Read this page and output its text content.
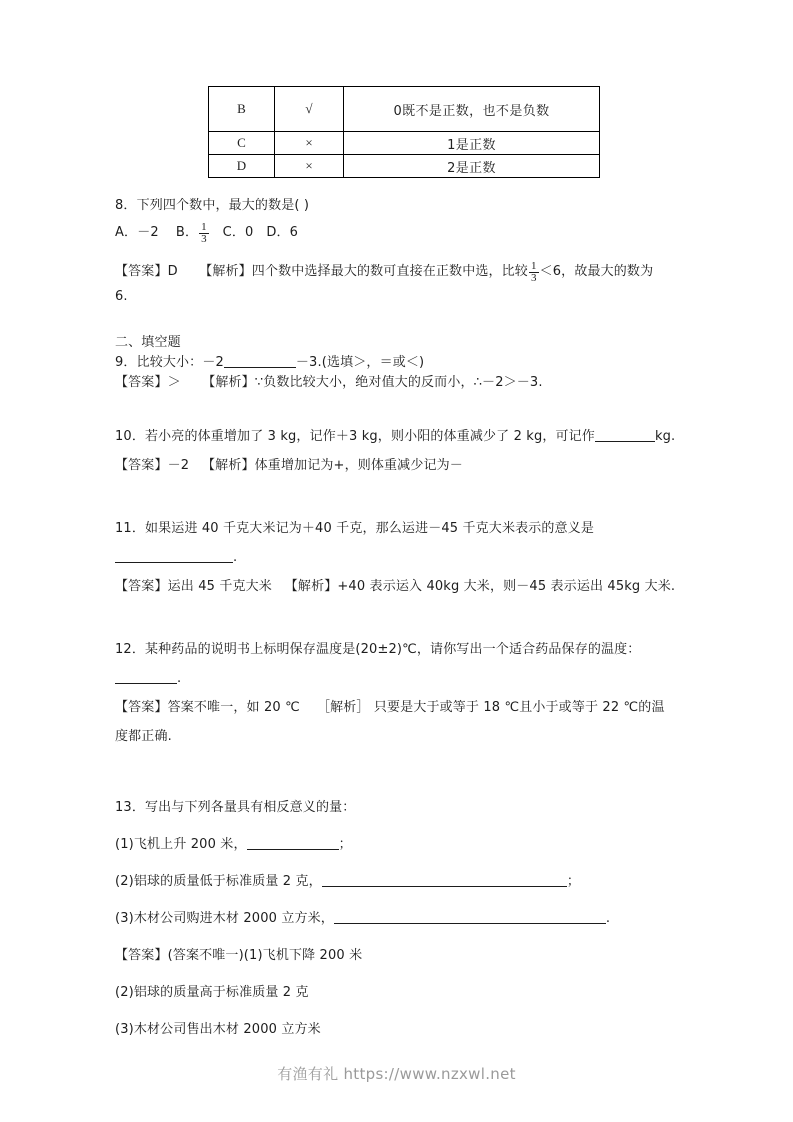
B	√	0既不是正数，也不是负数
C	×	1是正数
D	×	2是正数
8．下列四个数中，最大的数是( )
A．－2 B． $\frac{1}{3}$ C．0 D．6
【答案】D 【解析】四个数中选择最大的数可直接在正数中选，比较 $\frac{1}{3} <6$，故最大的数为
6.
二、填空题
9．比较大小：－2	－3.(选填＞，＝或＜)
【答案】＞ 【解析】∵负数比较大小，绝对值大的反而小，∴－2＞－3.
10．若小亮的体重增加了 3 kg，记作＋3 kg，则小阳的体重减少了 2 kg，可记作	kg.
【答案】－2 【解析】体重增加记为+，则体重减少记为－
11．如果运进 40 千克大米记为＋40 千克，那么运进－45 千克大米表示的意义是
.
【答案】运出 45 千克大米 【解析】+40 表示运入 40kg 大米，则－45 表示运出 45kg 大米.
12．某种药品的说明书上标明保存温度是(20±2)℃，请你写出一个适合药品保存的温度：
.
【答案】答案不唯一，如 20 ℃ ［解析］ 只要是大于或等于 18 ℃且小于或等于 22 ℃的温
度都正确.
13．写出与下列各量具有相反意义的量：
(1)飞机上升 200 米，	；
(2)铝球的质量低于标准质量 2 克，	；
(3)木材公司购进木材 2000 立方米，	.
【答案】(答案不唯一)(1)飞机下降 200 米
(2)铝球的质量高于标准质量 2 克
(3)木材公司售出木材 2000 立方米
有渔有礼 https://www.nzxwl.net
